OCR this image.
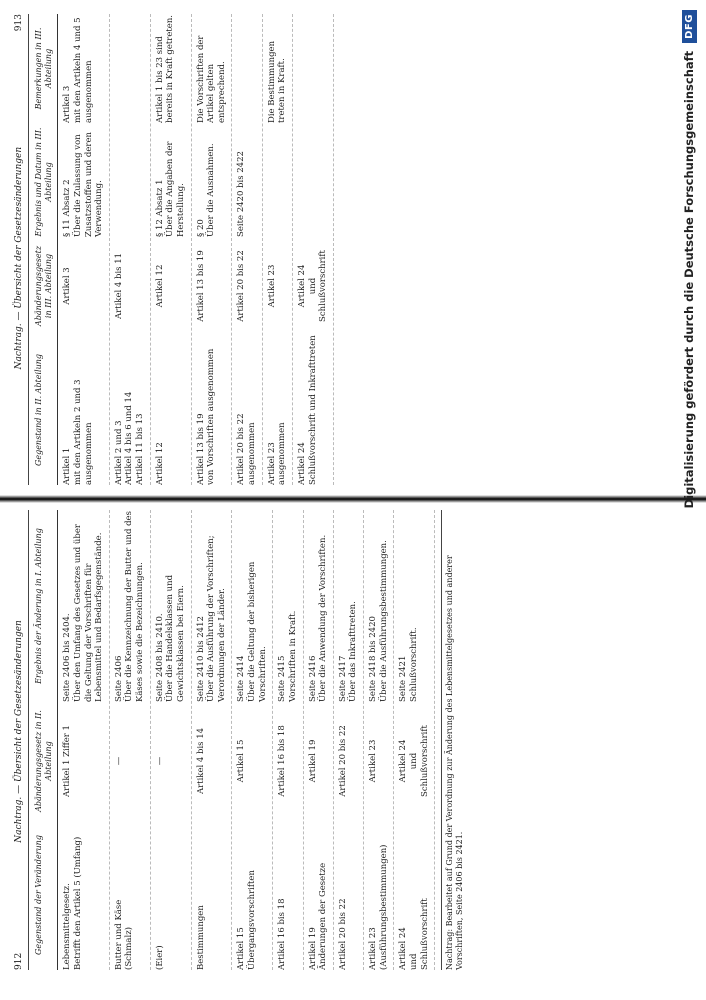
912
Nachtrag. — Übersicht der Gesetzesänderungen
Gegenstand der Veränderung
Abänderungsgesetz in II. Abteilung
Ergebnis der Änderung in I. Abteilung
Lebensmittelgesetz.
Betrifft den Artikel 5 (Umfang)
Artikel 1 Ziffer 1
Seite 2406 bis 2404.
Über den Umfang des Gesetzes und über die Geltung der Vorschriften für Lebensmittel und Bedarfsgegenstände.
Butter und Käse
(Schmalz)
—
Seite 2406
Über die Kennzeichnung der Butter und des Käses sowie die Bezeichnungen.
(Eier)
—
Seite 2408 bis 2410.
Über die Handelsklassen und Gewichtsklassen bei Eiern.
Bestimmungen
Artikel 4 bis 14
Seite 2410 bis 2412
Über die Ausführung der Vorschriften; Verordnungen der Länder.
Artikel 15
Übergangsvorschriften
Artikel 15
Seite 2414
Über die Geltung der bisherigen Vorschriften.
Artikel 16 bis 18
Artikel 16 bis 18
Seite 2415
Vorschriften in Kraft.
Artikel 19
Änderungen der Gesetze
Artikel 19
Seite 2416
Über die Anwendung der Vorschriften.
Artikel 20 bis 22
Artikel 20 bis 22
Seite 2417
Über das Inkrafttreten.
Artikel 23
(Ausführungsbestimmungen)
Artikel 23
Seite 2418 bis 2420
Über die Ausführungsbestimmungen.
Artikel 24
und
Schlußvorschrift
Artikel 24
und
Schlußvorschrift
Seite 2421
Schlußvorschrift.	Nachtrag: Bearbeitet auf Grund der Verordnung zur Änderung des Lebensmittelgesetzes und anderer Vorschriften, Seite 2406 bis 2421.
Nachtrag. — Übersicht der Gesetzesänderungen
913
Gegenstand in II. Abteilung
Abänderungsgesetz in III. Abteilung
Ergebnis und Datum in III. Abteilung
Bemerkungen in III. Abteilung
Artikel 1
mit den Artikeln 2 und 3 ausgenommen
Artikel 3
§ 11 Absatz 2
Über die Zulassung von Zusatzstoffen und deren Verwendung.
Artikel 3
mit den Artikeln 4 und 5 ausgenommen
Artikel 2 und 3
Artikel 4 bis 6 und 14
Artikel 11 bis 13
Artikel 4 bis 11
Artikel 12
Artikel 12
§ 12 Absatz 1
Über die Angaben der Herstellung.
Artikel 1 bis 23 sind bereits in Kraft getreten.
Artikel 13 bis 19
von Vorschriften ausgenommen
Artikel 13 bis 19
§ 20
Über die Ausnahmen.
Die Vorschriften der Artikel gelten entsprechend.
Artikel 20 bis 22
ausgenommen
Artikel 20 bis 22
Seite 2420 bis 2422
Artikel 23
ausgenommen
Artikel 23
Die Bestimmungen treten in Kraft.
Artikel 24
Schlußvorschrift und Inkrafttreten
Artikel 24
und
Schlußvorschrift	Digitalisierung gefördert durch die Deutsche Forschungsgemeinschaft
DFG
